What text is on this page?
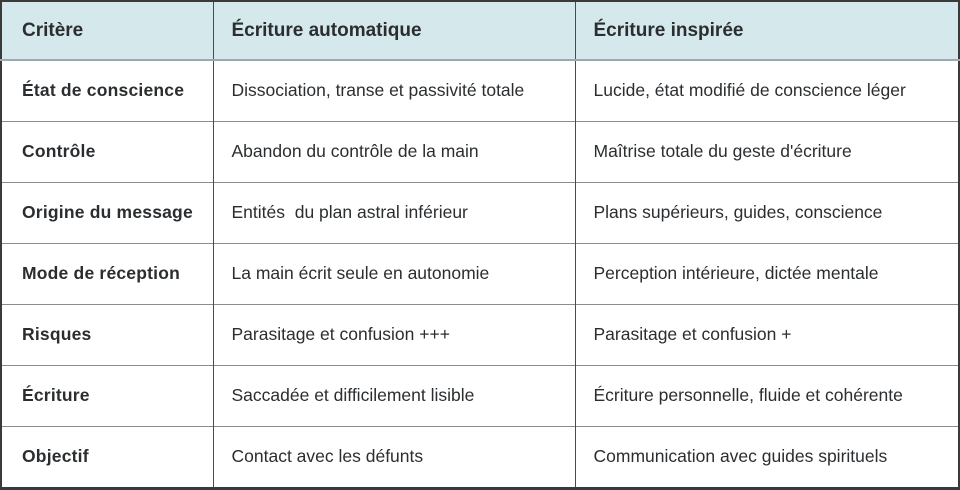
Critère	Écriture automatique	Écriture inspirée
État de conscience	Dissociation, transe et passivité totale	Lucide, état modifié de conscience léger
Contrôle	Abandon du contrôle de la main	Maîtrise totale du geste d'écriture
Origine du message	Entités  du plan astral inférieur	Plans supérieurs, guides, conscience
Mode de réception	La main écrit seule en autonomie	Perception intérieure, dictée mentale
Risques	Parasitage et confusion +++	Parasitage et confusion +
Écriture	Saccadée et difficilement lisible	Écriture personnelle, fluide et cohérente
Objectif	Contact avec les défunts	Communication avec guides spirituels
